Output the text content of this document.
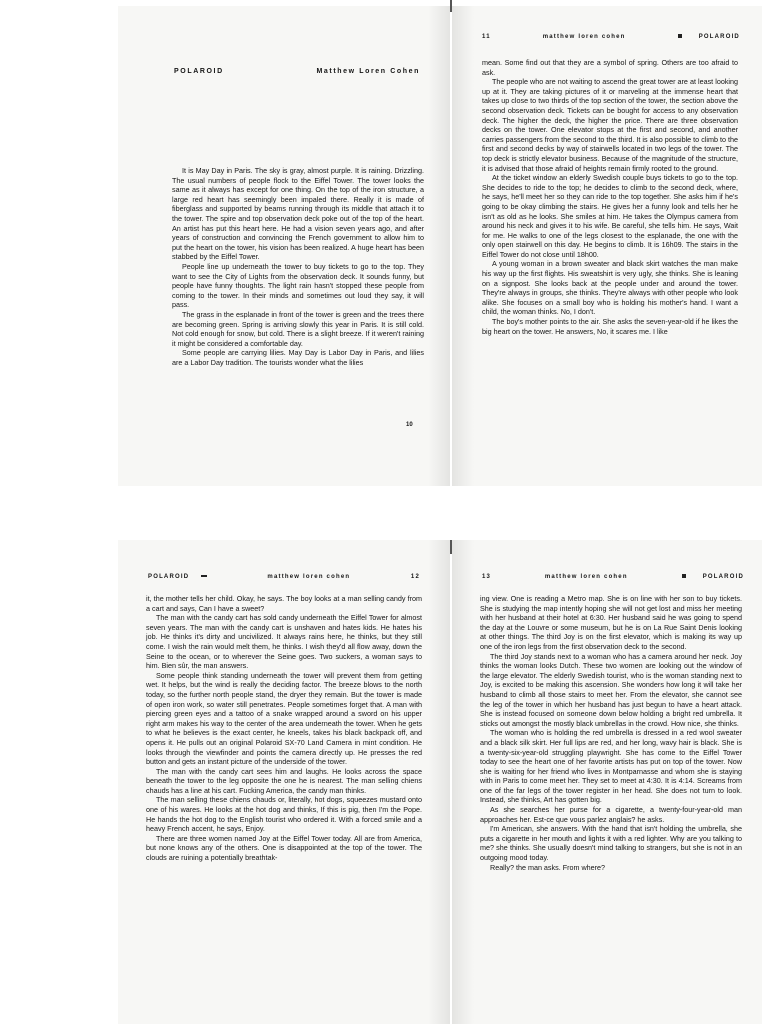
POLAROID	Matthew Loren Cohen

It is May Day in Paris. The sky is gray, almost purple. It is raining. Drizzling. The usual numbers of people flock to the Eiffel Tower. The tower looks the same as it always has except for one thing. On the top of the iron structure, a large red heart has seemingly been impaled there. Really it is made of fiberglass and supported by beams running through its middle that attach it to the tower. The spire and top observation deck poke out of the top of the heart. An artist has put this heart here. He had a vision seven years ago, and after years of construction and convincing the French government to allow him to put the heart on the tower, his vision has been realized. A huge heart has been stabbed by the Eiffel Tower.

People line up underneath the tower to buy tickets to go to the top. They want to see the City of Lights from the observation deck. It sounds funny, but people have funny thoughts. The light rain hasn't stopped these people from coming to the tower. In their minds and sometimes out loud they say, it will pass.

The grass in the esplanade in front of the tower is green and the trees there are becoming green. Spring is arriving slowly this year in Paris. It is still cold. Not cold enough for snow, but cold. There is a slight breeze. If it weren't raining it might be considered a comfortable day.

Some people are carrying lilies. May Day is Labor Day in Paris, and lilies are a Labor Day tradition. The tourists wonder what the lilies

10
11	matthew loren cohen	POLAROID

mean. Some find out that they are a symbol of spring. Others are too afraid to ask.

The people who are not waiting to ascend the great tower are at least looking up at it. They are taking pictures of it or marveling at the immense heart that takes up close to two thirds of the top section of the tower, the section above the second observation deck. Tickets can be bought for access to any observation deck. The higher the deck, the higher the price. There are three observation decks on the tower. One elevator stops at the first and second, and another carries passengers from the second to the third. It is also possible to climb to the first and second decks by way of stairwells located in two legs of the tower. The top deck is strictly elevator business. Because of the magnitude of the structure, it is advised that those afraid of heights remain firmly rooted to the ground.

At the ticket window an elderly Swedish couple buys tickets to go to the top. She decides to ride to the top; he decides to climb to the second deck, where, he says, he'll meet her so they can ride to the top together. She asks him if he's going to be okay climbing the stairs. He gives her a funny look and tells her he isn't as old as he looks. She smiles at him. He takes the Olympus camera from around his neck and gives it to his wife. Be careful, she tells him. He says, Wait for me. He walks to one of the legs closest to the esplanade, the one with the only open stairwell on this day. He begins to climb. It is 16h09. The stairs in the Eiffel Tower do not close until 18h00.

A young woman in a brown sweater and black skirt watches the man make his way up the first flights. His sweatshirt is very ugly, she thinks. She is leaning on a signpost. She looks back at the people under and around the tower. They're always in groups, she thinks. They're always with other people who look alike. She focuses on a small boy who is holding his mother's hand. I want a child, the woman thinks. No, I don't.

The boy's mother points to the air. She asks the seven-year-old if he likes the big heart on the tower. He answers, No, it scares me. I like

POLAROID	matthew loren cohen	12

it, the mother tells her child. Okay, he says. The boy looks at a man selling candy from a cart and says, Can I have a sweet?

The man with the candy cart has sold candy underneath the Eiffel Tower for almost seven years. The man with the candy cart is unshaven and hates kids. He hates his job. He thinks it's dirty and uncivilized. It always rains here, he thinks, but they still come. I wish the rain would melt them, he thinks. I wish they'd all flow away, down the Seine to the ocean, or to wherever the Seine goes. Two suckers, a woman says to him. Bien sûr, the man answers.

Some people think standing underneath the tower will prevent them from getting wet. It helps, but the wind is really the deciding factor. The breeze blows to the north today, so the further north people stand, the dryer they remain. But the tower is made of open iron work, so water still penetrates. People sometimes forget that. A man with piercing green eyes and a tattoo of a snake wrapped around a sword on his upper right arm makes his way to the center of the area underneath the tower. When he gets to what he believes is the exact center, he kneels, takes his black backpack off, and opens it. He pulls out an original Polaroid SX-70 Land Camera in mint condition. He looks through the viewfinder and points the camera directly up. He presses the red button and gets an instant picture of the underside of the tower.

The man with the candy cart sees him and laughs. He looks across the space beneath the tower to the leg opposite the one he is nearest. The man selling chiens chauds has a line at his cart. Fucking America, the candy man thinks.

The man selling these chiens chauds or, literally, hot dogs, squeezes mustard onto one of his wares. He looks at the hot dog and thinks, If this is pig, then I'm the Pope. He hands the hot dog to the English tourist who ordered it. With a forced smile and a heavy French accent, he says, Enjoy.

There are three women named Joy at the Eiffel Tower today. All are from America, but none knows any of the others. One is disappointed at the top of the tower. The clouds are ruining a potentially breathtak-

13	matthew loren cohen	POLAROID

ing view. One is reading a Metro map. She is on line with her son to buy tickets. She is studying the map intently hoping she will not get lost and miss her meeting with her husband at their hotel at 6:30. Her husband said he was going to spend the day at the Louvre or some museum, but he is on La Rue Saint Denis looking at other things. The third Joy is on the first elevator, which is making its way up one of the iron legs from the first observation deck to the second.

The third Joy stands next to a woman who has a camera around her neck. Joy thinks the woman looks Dutch. These two women are looking out the window of the large elevator. The elderly Swedish tourist, who is the woman standing next to Joy, is excited to be making this ascension. She wonders how long it will take her husband to climb all those stairs to meet her. From the elevator, she cannot see the leg of the tower in which her husband has just begun to have a heart attack. She is instead focused on someone down below holding a bright red umbrella. It sticks out amongst the mostly black umbrellas in the crowd. How nice, she thinks.

The woman who is holding the red umbrella is dressed in a red wool sweater and a black silk skirt. Her full lips are red, and her long, wavy hair is black. She is a twenty-six-year-old struggling playwright. She has come to the Eiffel Tower today to see the heart one of her favorite artists has put on top of the tower. Now she is waiting for her friend who lives in Montparnasse and whom she is staying with in Paris to come meet her. They set to meet at 4:30. It is 4:14. Screams from one of the far legs of the tower register in her head. She does not turn to look. Instead, she thinks, Art has gotten big.

As she searches her purse for a cigarette, a twenty-four-year-old man approaches her. Est-ce que vous parlez anglais? he asks.

I'm American, she answers. With the hand that isn't holding the umbrella, she puts a cigarette in her mouth and lights it with a red lighter. Why are you talking to me? she thinks. She usually doesn't mind talking to strangers, but she is not in an outgoing mood today.

Really? the man asks. From where?
